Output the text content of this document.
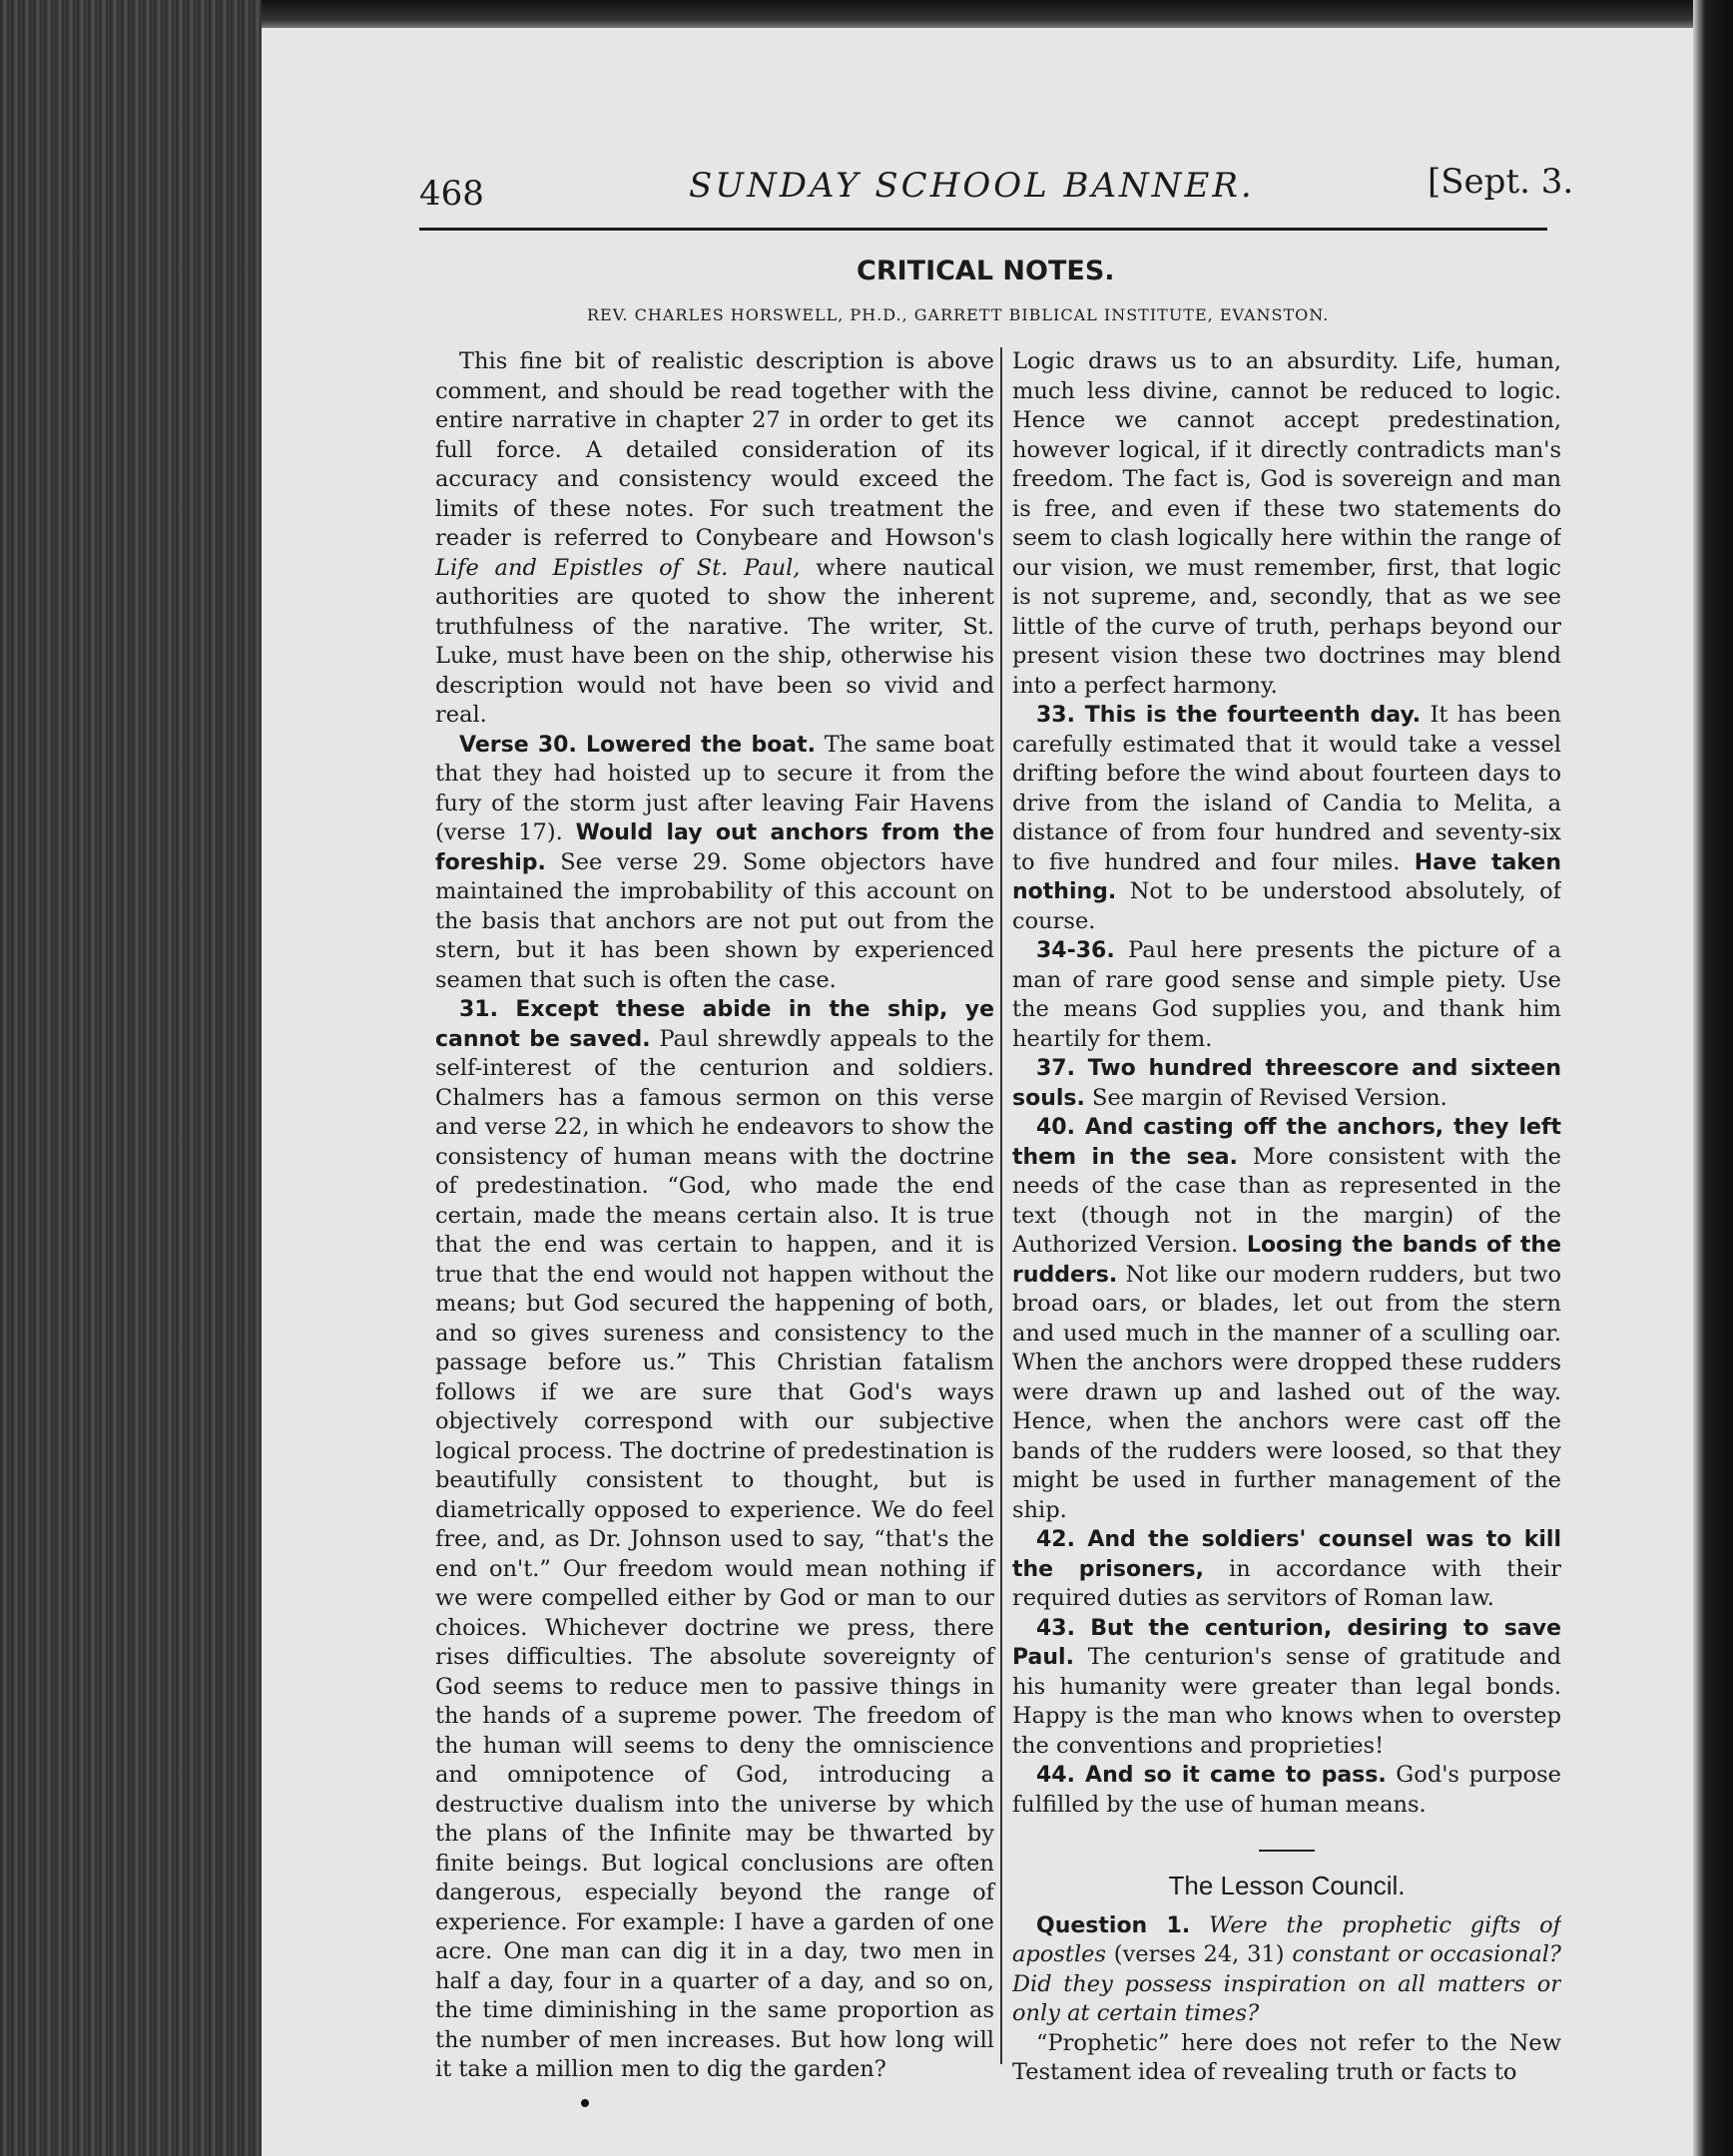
468	SUNDAY SCHOOL BANNER.	[Sept. 3.
CRITICAL NOTES.
REV. CHARLES HORSWELL, PH.D., GARRETT BIBLICAL INSTITUTE, EVANSTON.

This fine bit of realistic description is above comment, and should be read together with the entire narrative in chapter 27 in order to get its full force. A detailed consideration of its accuracy and consistency would exceed the limits of these notes. For such treatment the reader is referred to Conybeare and Howson's Life and Epistles of St. Paul, where nautical authorities are quoted to show the inherent truthfulness of the narative. The writer, St. Luke, must have been on the ship, otherwise his description would not have been so vivid and real.

Verse 30. Lowered the boat. The same boat that they had hoisted up to secure it from the fury of the storm just after leaving Fair Havens (verse 17). Would lay out anchors from the foreship. See verse 29. Some objectors have maintained the improbability of this account on the basis that anchors are not put out from the stern, but it has been shown by experienced seamen that such is often the case.

31. Except these abide in the ship, ye cannot be saved. Paul shrewdly appeals to the self-interest of the centurion and soldiers. Chalmers has a famous sermon on this verse and verse 22, in which he endeavors to show the consistency of human means with the doctrine of predestination. “God, who made the end certain, made the means certain also. It is true that the end was certain to happen, and it is true that the end would not happen without the means; but God secured the happening of both, and so gives sureness and consistency to the passage before us.” This Christian fatalism follows if we are sure that God's ways objectively correspond with our subjective logical process. The doctrine of predestination is beautifully consistent to thought, but is diametrically opposed to experience. We do feel free, and, as Dr. Johnson used to say, “that's the end on't.” Our freedom would mean nothing if we were compelled either by God or man to our choices. Whichever doctrine we press, there rises difficulties. The absolute sovereignty of God seems to reduce men to passive things in the hands of a supreme power. The freedom of the human will seems to deny the omniscience and omnipotence of God, introducing a destructive dualism into the universe by which the plans of the Infinite may be thwarted by finite beings. But logical conclusions are often dangerous, especially beyond the range of experience. For example: I have a garden of one acre. One man can dig it in a day, two men in half a day, four in a quarter of a day, and so on, the time diminishing in the same proportion as the number of men increases. But how long will it take a million men to dig the garden?

Logic draws us to an absurdity. Life, human, much less divine, cannot be reduced to logic. Hence we cannot accept predestination, however logical, if it directly contradicts man's freedom. The fact is, God is sovereign and man is free, and even if these two statements do seem to clash logically here within the range of our vision, we must remember, first, that logic is not supreme, and, secondly, that as we see little of the curve of truth, perhaps beyond our present vision these two doctrines may blend into a perfect harmony.

33. This is the fourteenth day. It has been carefully estimated that it would take a vessel drifting before the wind about fourteen days to drive from the island of Candia to Melita, a distance of from four hundred and seventy-six to five hundred and four miles. Have taken nothing. Not to be understood absolutely, of course.

34-36. Paul here presents the picture of a man of rare good sense and simple piety. Use the means God supplies you, and thank him heartily for them.

37. Two hundred threescore and sixteen souls. See margin of Revised Version.

40. And casting off the anchors, they left them in the sea. More consistent with the needs of the case than as represented in the text (though not in the margin) of the Authorized Version. Loosing the bands of the rudders. Not like our modern rudders, but two broad oars, or blades, let out from the stern and used much in the manner of a sculling oar. When the anchors were dropped these rudders were drawn up and lashed out of the way. Hence, when the anchors were cast off the bands of the rudders were loosed, so that they might be used in further management of the ship.

42. And the soldiers' counsel was to kill the prisoners, in accordance with their required duties as servitors of Roman law.

43. But the centurion, desiring to save Paul. The centurion's sense of gratitude and his humanity were greater than legal bonds. Happy is the man who knows when to overstep the conventions and proprieties!

44. And so it came to pass. God's purpose fulfilled by the use of human means.

The Lesson Council.

Question 1. Were the prophetic gifts of apostles (verses 24, 31) constant or occasional? Did they possess inspiration on all matters or only at certain times?

“Prophetic” here does not refer to the New Testament idea of revealing truth or facts to
